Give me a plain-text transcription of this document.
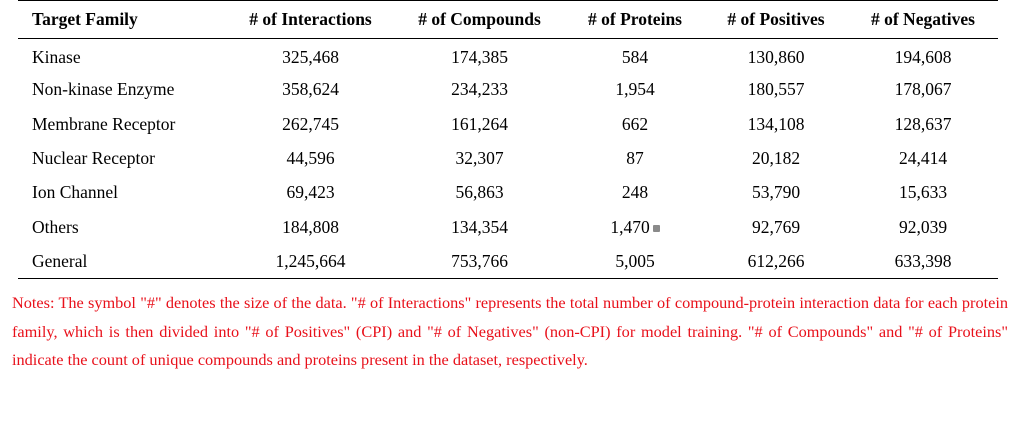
Target Family	# of Interactions	# of Compounds	# of Proteins	# of Positives	# of Negatives
Kinase	325,468	174,385	584	130,860	194,608
Non-kinase Enzyme	358,624	234,233	1,954	180,557	178,067
Membrane Receptor	262,745	161,264	662	134,108	128,637
Nuclear Receptor	44,596	32,307	87	20,182	24,414
Ion Channel	69,423	56,863	248	53,790	15,633
Others	184,808	134,354	1,470	92,769	92,039
General	1,245,664	753,766	5,005	612,266	633,398

Notes: The symbol "#" denotes the size of the data. "# of Interactions" represents the total number of compound-protein interaction data for each protein family, which is then divided into "# of Positives" (CPI) and "# of Negatives" (non-CPI) for model training. "# of Compounds" and "# of Proteins" indicate the count of unique compounds and proteins present in the dataset, respectively.
